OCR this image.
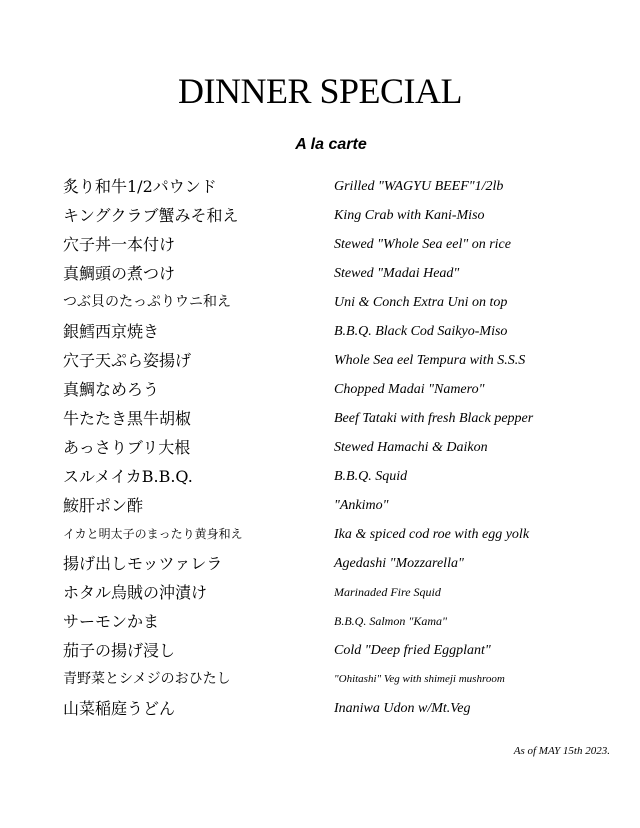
DINNER SPECIAL
A la carte
炙り和牛1/2パウンド	Grilled "WAGYU BEEF"1/2lb
キングクラブ蟹みそ和え	King Crab with Kani-Miso
穴子丼一本付け	Stewed "Whole Sea eel" on rice
真鯛頭の煮つけ	Stewed "Madai Head"
つぶ貝のたっぷりウニ和え	Uni & Conch Extra Uni on top
銀鱈西京焼き	B.B.Q. Black Cod Saikyo-Miso
穴子天ぷら姿揚げ	Whole Sea eel Tempura with S.S.S
真鯛なめろう	Chopped Madai "Namero"
牛たたき黒牛胡椒	Beef Tataki with fresh Black pepper
あっさりブリ大根	Stewed Hamachi & Daikon
スルメイカB.B.Q.	B.B.Q. Squid
鮟肝ポン酢	"Ankimo"
イカと明太子のまったり黄身和え	Ika & spiced cod roe with egg yolk
揚げ出しモッツァレラ	Agedashi "Mozzarella"
ホタル烏賊の沖漬け	Marinaded Fire Squid
サーモンかま	B.B.Q. Salmon "Kama"
茄子の揚げ浸し	Cold "Deep fried Eggplant"
青野菜とシメジのおひたし	"Ohitashi" Veg with shimeji mushroom
山菜稲庭うどん	Inaniwa Udon w/Mt.Veg
As of MAY 15th 2023.
